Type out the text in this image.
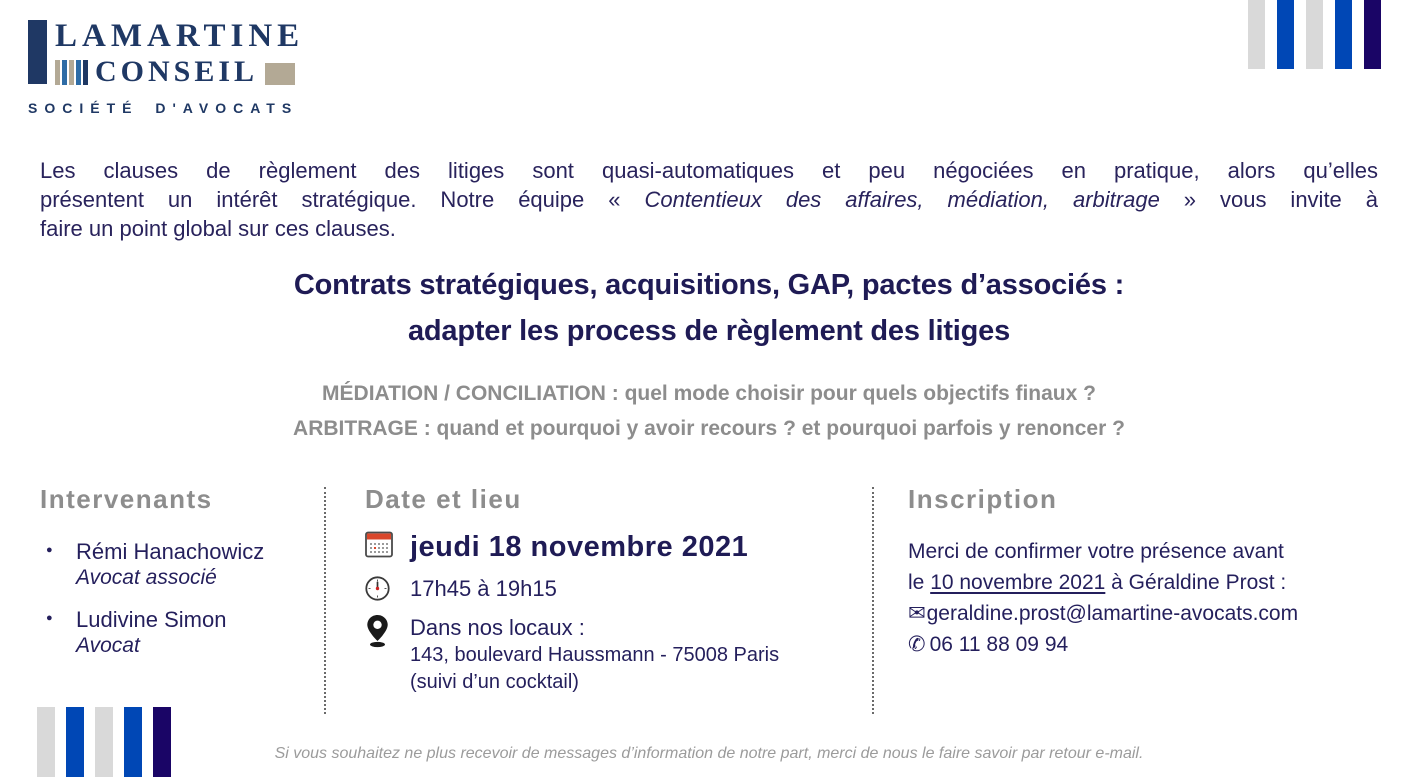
LAMARTINE
CONSEIL
SOCIÉTÉ D'AVOCATS
Les clauses de règlement des litiges sont quasi-automatiques et peu négociées en pratique, alors qu’elles
présentent un intérêt stratégique. Notre équipe « Contentieux des affaires, médiation, arbitrage » vous invite à
faire un point global sur ces clauses.
Contrats stratégiques, acquisitions, GAP, pactes d’associés :
adapter les process de règlement des litiges
MÉDIATION / CONCILIATION : quel mode choisir pour quels objectifs finaux ?
ARBITRAGE : quand et pourquoi y avoir recours ? et pourquoi parfois y renoncer ?
Intervenants
● Rémi Hanachowicz
Avocat associé
● Ludivine Simon
Avocat
Date et lieu
jeudi 18 novembre 2021
17h45 à 19h15
Dans nos locaux :
143, boulevard Haussmann - 75008 Paris
(suivi d’un cocktail)
Inscription
Merci de confirmer votre présence avant
le 10 novembre 2021 à Géraldine Prost :
✉geraldine.prost@lamartine-avocats.com
✆ 06 11 88 09 94

Si vous souhaitez ne plus recevoir de messages d’information de notre part, merci de nous le faire savoir par retour e-mail.
